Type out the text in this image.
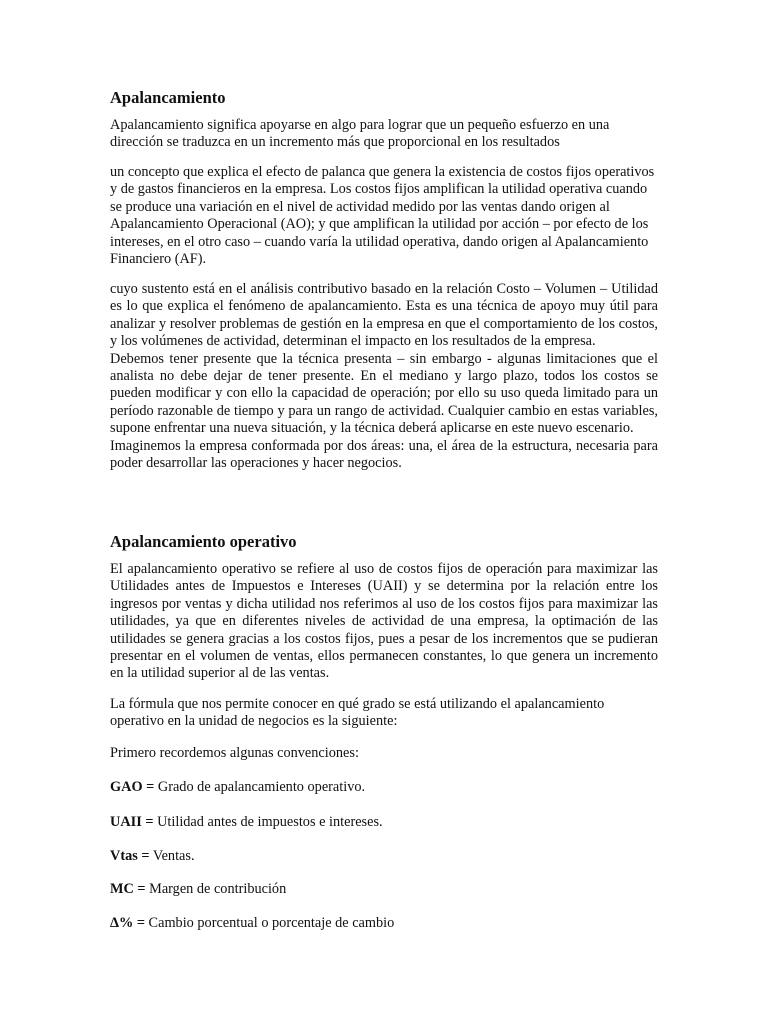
Apalancamiento

Apalancamiento significa apoyarse en algo para lograr que un pequeño esfuerzo en una dirección se traduzca en un incremento más que proporcional en los resultados

un concepto que explica el efecto de palanca que genera la existencia de costos fijos operativos y de gastos financieros en la empresa. Los costos fijos amplifican la utilidad operativa cuando se produce una variación en el nivel de actividad medido por las ventas dando origen al Apalancamiento Operacional (AO); y que amplifican la utilidad por acción – por efecto de los intereses, en el otro caso – cuando varía la utilidad operativa, dando origen al Apalancamiento Financiero (AF).

cuyo sustento está en el análisis contributivo basado en la relación Costo – Volumen – Utilidad es lo que explica el fenómeno de apalancamiento. Esta es una técnica de apoyo muy útil para analizar y resolver problemas de gestión en la empresa en que el comportamiento de los costos, y los volúmenes de actividad, determinan el impacto en los resultados de la empresa.

Debemos tener presente que la técnica presenta – sin embargo - algunas limitaciones que el analista no debe dejar de tener presente. En el mediano y largo plazo, todos los costos se pueden modificar y con ello la capacidad de operación; por ello su uso queda limitado para un período razonable de tiempo y para un rango de actividad. Cualquier cambio en estas variables, supone enfrentar una nueva situación, y la técnica deberá aplicarse en este nuevo escenario.

Imaginemos la empresa conformada por dos áreas: una, el área de la estructura, necesaria para poder desarrollar las operaciones y hacer negocios.

Apalancamiento operativo

El apalancamiento operativo se refiere al uso de costos fijos de operación para maximizar las Utilidades antes de Impuestos e Intereses (UAII) y se determina por la relación entre los ingresos por ventas y dicha utilidad nos referimos al uso de los costos fijos para maximizar las utilidades, ya que en diferentes niveles de actividad de una empresa, la optimación de las utilidades se genera gracias a los costos fijos, pues a pesar de los incrementos que se pudieran presentar en el volumen de ventas, ellos permanecen constantes, lo que genera un incremento en la utilidad superior al de las ventas.

La fórmula que nos permite conocer en qué grado se está utilizando el apalancamiento operativo en la unidad de negocios es la siguiente:

Primero recordemos algunas convenciones:

GAO = Grado de apalancamiento operativo.
UAII = Utilidad antes de impuestos e intereses.
Vtas = Ventas.
MC = Margen de contribución
Δ% = Cambio porcentual o porcentaje de cambio
